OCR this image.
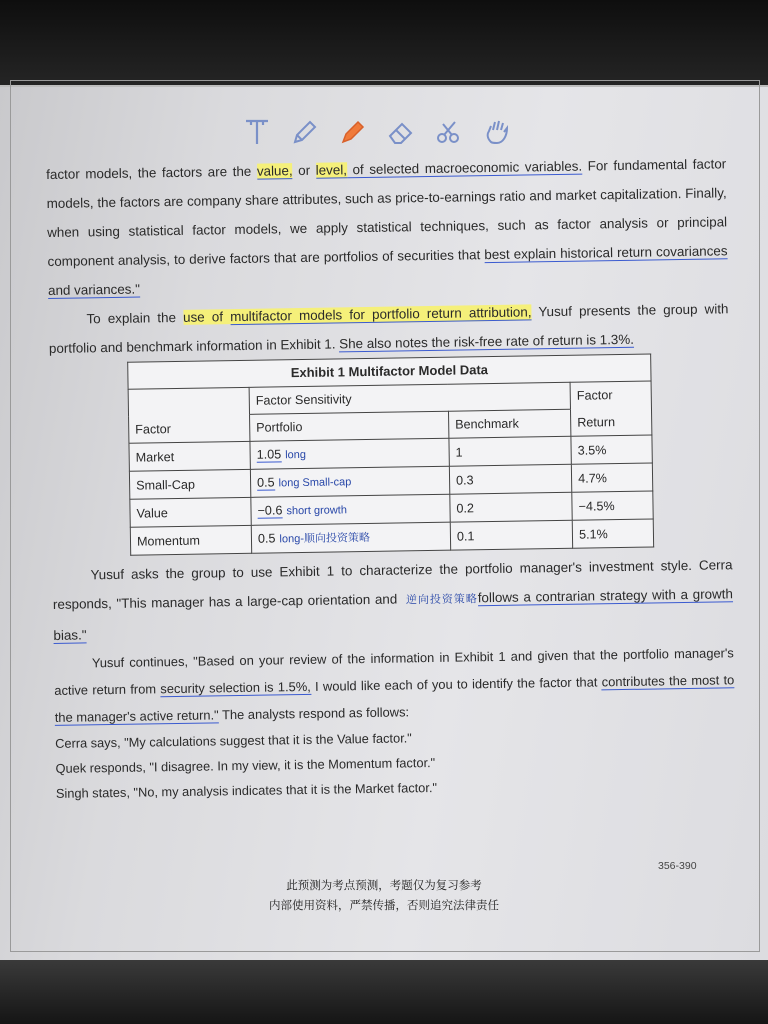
factor models, the factors are the value, or level, of selected macroeconomic variables. For fundamental factor models, the factors are company share attributes, such as price-to-earnings ratio and market capitalization. Finally, when using statistical factor models, we apply statistical techniques, such as factor analysis or principal component analysis, to derive factors that are portfolios of securities that best explain historical return covariances and variances."

To explain the use of multifactor models for portfolio return attribution, Yusuf presents the group with portfolio and benchmark information in Exhibit 1. She also notes the risk-free rate of return is 1.3%.

Exhibit 1 Multifactor Model Data
	Factor Sensitivity		Factor
Factor	Portfolio	Benchmark	Return
Market	1.05 long	1	3.5%
Small-Cap	0.5 long Small-cap	0.3	4.7%
Value	−0.6 short growth	0.2	−4.5%
Momentum	0.5 long-顺向投资策略	0.1	5.1%

Yusuf asks the group to use Exhibit 1 to characterize the portfolio manager's investment style. Cerra responds, "This manager has a large-cap orientation and 逆向投资策略follows a contrarian strategy with a growth bias."

Yusuf continues, "Based on your review of the information in Exhibit 1 and given that the portfolio manager's active return from security selection is 1.5%, I would like each of you to identify the factor that contributes the most to the manager's active return." The analysts respond as follows:

Cerra says, "My calculations suggest that it is the Value factor."

Quek responds, "I disagree. In my view, it is the Momentum factor."

Singh states, "No, my analysis indicates that it is the Market factor."

356-390
此预测为考点预测，考题仅为复习参考
内部使用资料，严禁传播，否则追究法律责任
